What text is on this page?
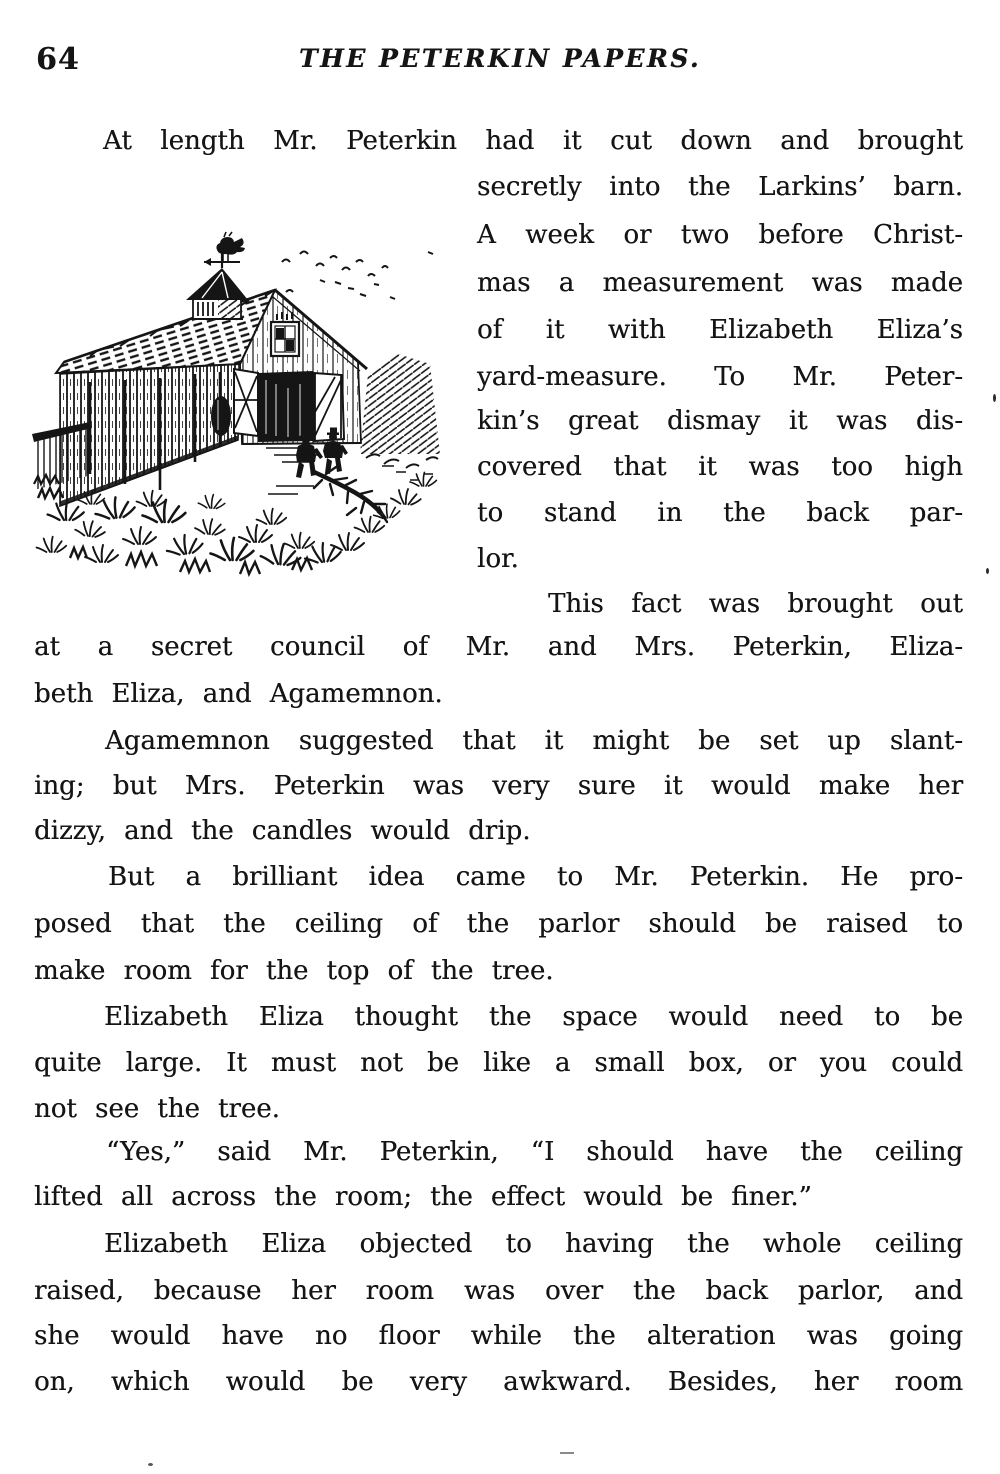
64	THE PETERKIN PAPERS.
At length Mr. Peterkin had it cut down and brought
secretly into the Larkins’ barn.
A week or two before Christ-
mas a measurement was made
of it with Elizabeth Eliza’s
yard-measure. To Mr. Peter-
kin’s great dismay it was dis-
covered that it was too high
to stand in the back par-
lor.
This fact was brought out
at a secret council of Mr. and Mrs. Peterkin, Eliza-
beth Eliza, and Agamemnon.
Agamemnon suggested that it might be set up slant-
ing; but Mrs. Peterkin was very sure it would make her
dizzy, and the candles would drip.
But a brilliant idea came to Mr. Peterkin. He pro-
posed that the ceiling of the parlor should be raised to
make room for the top of the tree.
Elizabeth Eliza thought the space would need to be
quite large. It must not be like a small box, or you could
not see the tree.
“Yes,” said Mr. Peterkin, “I should have the ceiling
lifted all across the room; the effect would be finer.”
Elizabeth Eliza objected to having the whole ceiling
raised, because her room was over the back parlor, and
she would have no floor while the alteration was going
on, which would be very awkward. Besides, her room
